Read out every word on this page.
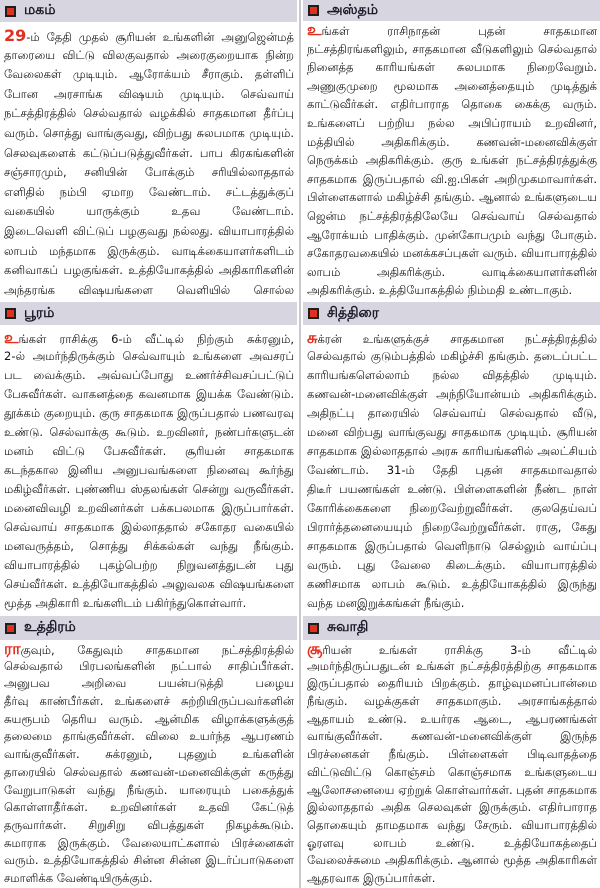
மகம்
29-ம் தேதி முதல் சூரியன் உங்களின் அனுஜென்மத்
தாரையை விட்டு விலகுவதால் அரைகுறையாக நின்ற
வேலைகள் முடியும். ஆரோக்யம் சீராகும். தள்ளிப்
போன அரசாங்க விஷயம் முடியும். செவ்வாய்
நட்சத்திரத்தில் செல்வதால் வழக்கில் சாதகமான தீர்ப்பு
வரும். சொத்து வாங்குவது, விற்பது சுலபமாக முடியும்.
செலவுகளைக் கட்டுப்படுத்துவீர்கள். பாப கிரகங்களின்
சஞ்சாரமும், சனியின் போக்கும் சரியில்லாததால்
எளிதில் நம்பி ஏமாற வேண்டாம். சட்டத்துக்குப்
வகையில் யாருக்கும் உதவ வேண்டாம்.
இடைவெளி விட்டுப் பழகுவது நல்லது. வியாபாரத்தில்
லாபம் மந்தமாக இருக்கும். வாடிக்கையாளர்களிடம்
கனிவாகப் பழகுங்கள். உத்தியோகத்தில் அதிகாரிகளின்
அந்தரங்க விஷயங்களை வெளியில் சொல்ல
அஸ்தம்
உங்கள் ராசிநாதன் புதன் சாதகமான
நட்சத்திரங்களிலும், சாதகமான வீடுகளிலும் செல்வதால்
நினைத்த காரியங்கள் சுலபமாக நிறைவேறும்.
அணுகுமுறை மூலமாக அனைத்தையும் முடித்துக்
காட்டுவீர்கள். எதிர்பாராத தொகை கைக்கு வரும்.
உங்களைப் பற்றிய நல்ல அபிப்ராயம் உறவினர்,
மத்தியில் அதிகரிக்கும். கணவன்-மனைவிக்குள்
நெருக்கம் அதிகரிக்கும். குரு உங்கள் நட்சத்திரத்துக்கு
சாதகமாக இருப்பதால் வி.ஐ.பிகள் அறிமுகமாவார்கள்.
பிள்ளைகளால் மகிழ்ச்சி தங்கும். ஆனால் உங்களுடைய
ஜென்ம நட்சத்திரத்திலேயே செவ்வாய் செல்வதால்
ஆரோக்யம் பாதிக்கும். முன்கோபமும் வந்து போகும்.
சகோதரவகையில் மனக்கசப்புகள் வரும். வியாபாரத்தில்
லாபம் அதிகரிக்கும். வாடிக்கையாளர்களின்
அதிகரிக்கும். உத்தியோகத்தில் நிம்மதி உண்டாகும்.
பூரம்
உங்கள் ராசிக்கு 6-ம் வீட்டில் நிற்கும் சுக்ரனும்,
2-ல் அமர்ந்திருக்கும் செவ்வாயும் உங்களை அவசரப்
பட வைக்கும். அவ்வப்போது உணர்ச்சிவசப்பட்டுப்
பேசுவீர்கள். வாகனத்தை கவனமாக இயக்க வேண்டும்.
தூக்கம் குறையும். குரு சாதகமாக இருப்பதால் பணவரவு
உண்டு. செல்வாக்கு கூடும். உறவினர், நண்பர்களுடன்
மனம் விட்டு பேசுவீர்கள். சூரியன் சாதகமாக
கடந்தகால இனிய அனுபவங்களை நினைவு கூர்ந்து
மகிழ்வீர்கள். புண்ணிய ஸ்தலங்கள் சென்று வருவீர்கள்.
மனைவிவழி உறவினர்கள் பக்கபலமாக இருப்பார்கள்.
செவ்வாய் சாதகமாக இல்லாததால் சகோதர வகையில்
மனவருத்தம், சொத்து சிக்கல்கள் வந்து நீங்கும்.
வியாபாரத்தில் புகழ்பெற்ற நிறுவனத்துடன் புது
செய்வீர்கள். உத்தியோகத்தில் அலுவலக விஷயங்களை
மூத்த அதிகாரி உங்களிடம் பகிர்ந்துகொள்வார்.
சித்திரை
சுக்ரன் உங்களுக்குச் சாதகமான நட்சத்திரத்தில்
செல்வதால் குடும்பத்தில் மகிழ்ச்சி தங்கும். தடைப்பட்ட
காரியங்களெல்லாம் நல்ல விதத்தில் முடியும்.
கணவன்-மனைவிக்குள் அந்நியோன்யம் அதிகரிக்கும்.
அதிநட்பு தாரையில் செவ்வாய் செல்வதால் வீடு,
மனை விற்பது வாங்குவது சாதகமாக முடியும். சூரியன்
சாதகமாக இல்லாததால் அரசு காரியங்களில் அலட்சியம்
வேண்டாம். 31-ம் தேதி புதன் சாதகமாவதால்
திடீர் பயணங்கள் உண்டு. பிள்ளைகளின் நீண்ட நாள்
கோரிக்கைகளை நிறைவேற்றுவீர்கள். குலதெய்வப்
பிரார்த்தனையையும் நிறைவேற்றுவீர்கள். ராகு, கேது
சாதகமாக இருப்பதால் வெளிநாடு செல்லும் வாய்ப்பு
வரும். புது வேலை கிடைக்கும். வியாபாரத்தில்
கணிசமாக லாபம் கூடும். உத்தியோகத்தில் இருந்து
வந்த மனஇறுக்கங்கள் நீங்கும்.
உத்திரம்
ராகுவும், கேதுவும் சாதகமான நட்சத்திரத்தில்
செல்வதால் பிரபலங்களின் நட்பால் சாதிப்பீர்கள்.
அனுபவ அறிவை பயன்படுத்தி பழைய
தீர்வு காண்பீர்கள். உங்களைச் சுற்றியிருப்பவர்களின்
சுயரூபம் தெரிய வரும். ஆன்மிக விழாக்களுக்குத்
தலைமை தாங்குவீர்கள். விலை உயர்ந்த ஆபரணம்
வாங்குவீர்கள். சுக்ரனும், புதனும் உங்களின்
தாரையில் செல்வதால் கணவன்-மனைவிக்குள் கருத்து
வேறுபாடுகள் வந்து நீங்கும். யாரையும் பகைத்துக்
கொள்ளாதீர்கள். உறவினர்கள் உதவி கேட்டுத்
தருவார்கள். சிறுசிறு விபத்துகள் நிகழக்கூடும்.
சுமாராக இருக்கும். வேலையாட்களால் பிரச்னைகள்
வரும். உத்தியோகத்தில் சின்ன சின்ன இடர்ப்பாடுகளை
சமாளிக்க வேண்டியிருக்கும்.
சுவாதி
சூரியன் உங்கள் ராசிக்கு 3-ம் வீட்டில்
அமர்ந்திருப்பதுடன் உங்கள் நட்சத்திரத்திற்கு சாதகமாக
இருப்பதால் தைரியம் பிறக்கும். தாழ்வுமனப்பான்மை
நீங்கும். வழக்குகள் சாதகமாகும். அரசாங்கத்தால்
ஆதாயம் உண்டு. உயர்ரக ஆடை, ஆபரணங்கள்
வாங்குவீர்கள். கணவன்-மனைவிக்குள் இருந்த
பிரச்னைகள் நீங்கும். பிள்ளைகள் பிடிவாதத்தை
விட்டுவிட்டு கொஞ்சம் கொஞ்சமாக உங்களுடைய
ஆலோசனையை ஏற்றுக் கொள்வார்கள். புதன் சாதகமாக
இல்லாததால் அதிக செலவுகள் இருக்கும். எதிர்பாராத
தொகையும் தாமதமாக வந்து சேரும். வியாபாரத்தில்
ஓரளவு லாபம் உண்டு. உத்தியோகத்தைப்
வேலைச்சுமை அதிகரிக்கும். ஆனால் மூத்த அதிகாரிகள்
ஆதரவாக இருப்பார்கள்.
